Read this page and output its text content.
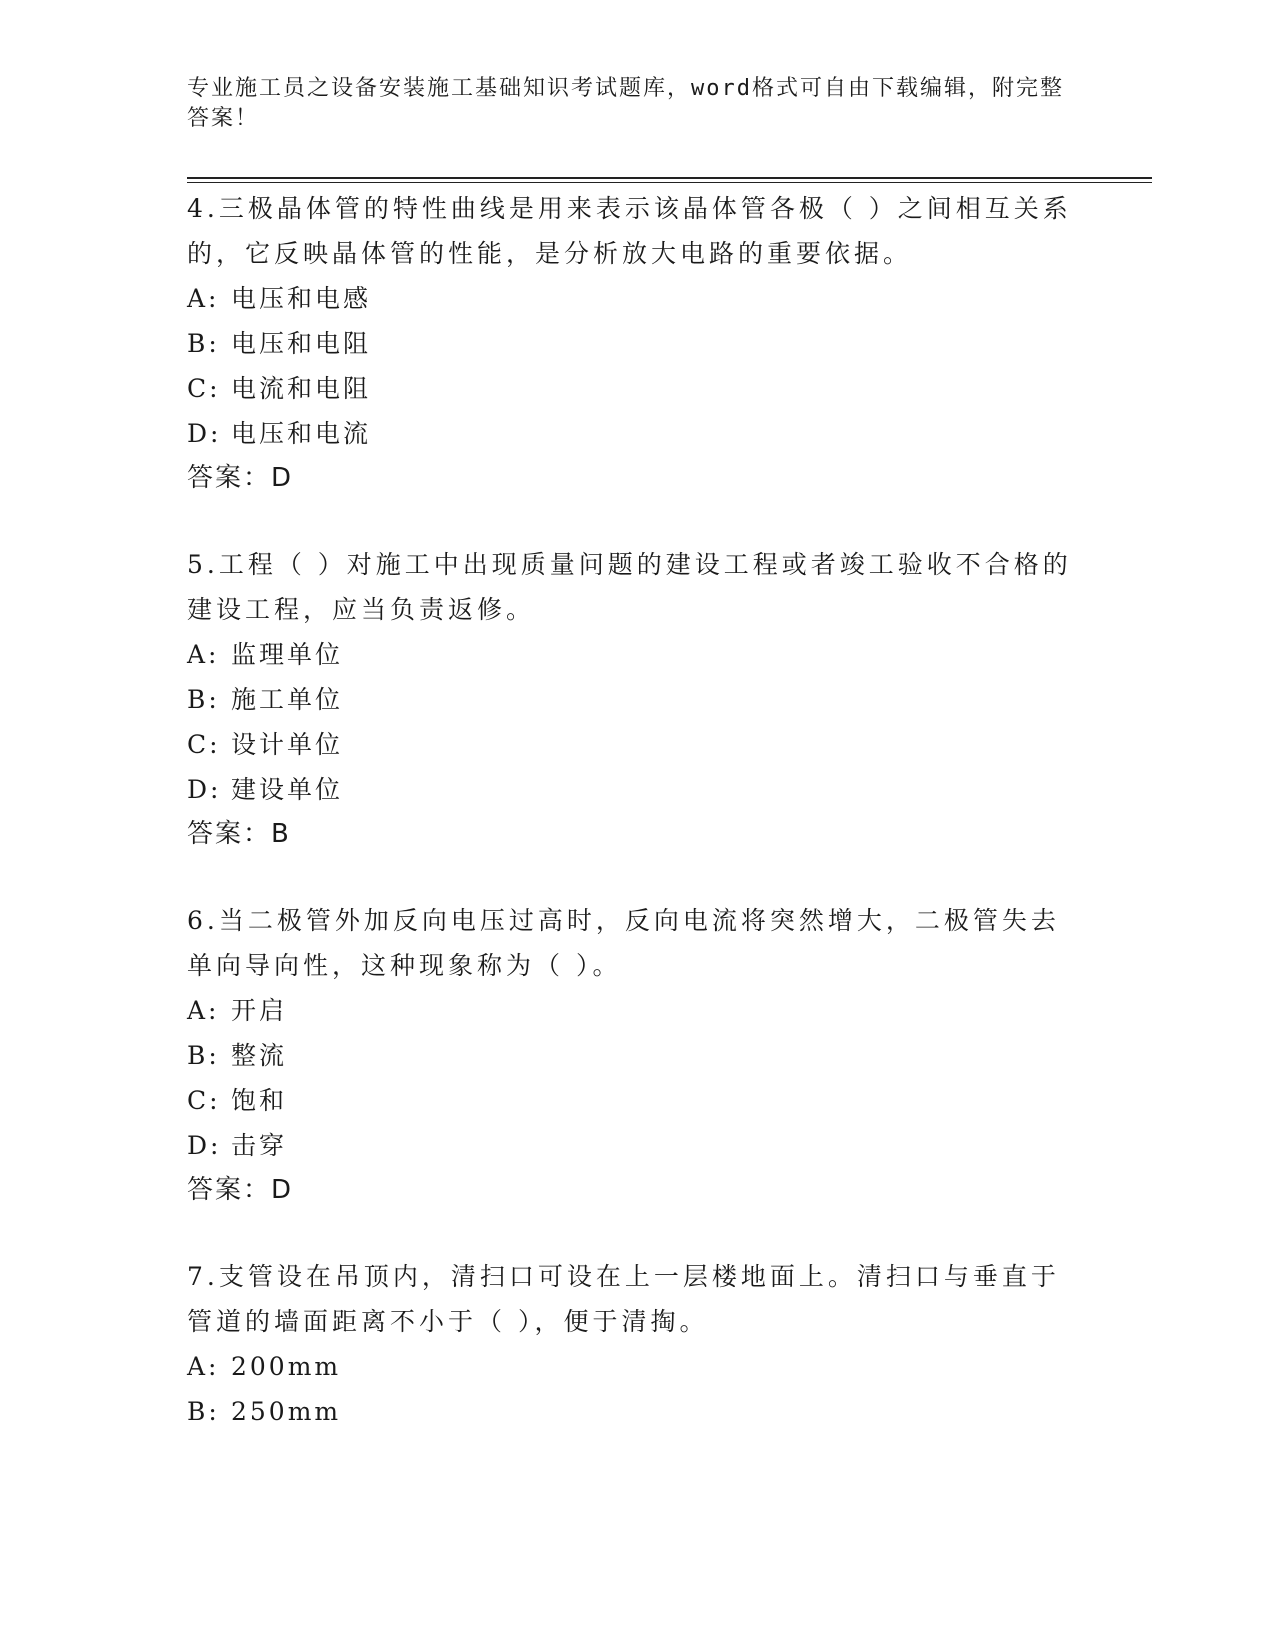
专业施工员之设备安装施工基础知识考试题库，word格式可自由下载编辑，附完整答案！

4.三极晶体管的特性曲线是用来表示该晶体管各极（ ）之间相互关系的，它反映晶体管的性能，是分析放大电路的重要依据。

A: 电压和电感

B: 电压和电阻

C: 电流和电阻

D: 电压和电流

答案：D

5.工程（ ）对施工中出现质量问题的建设工程或者竣工验收不合格的建设工程，应当负责返修。

A: 监理单位

B: 施工单位

C: 设计单位

D: 建设单位

答案：B

6.当二极管外加反向电压过高时，反向电流将突然增大，二极管失去单向导向性，这种现象称为（ ）。

A: 开启

B: 整流

C: 饱和

D: 击穿

答案：D

7.支管设在吊顶内，清扫口可设在上一层楼地面上。清扫口与垂直于管道的墙面距离不小于（ ），便于清掏。

A: 200mm

B: 250mm
